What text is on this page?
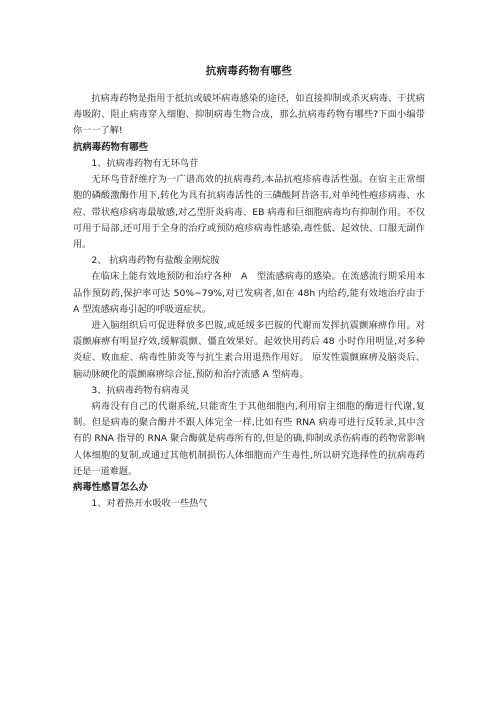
抗病毒药物有哪些

抗病毒药物是指用于抵抗或破坏病毒感染的途径，如直接抑制或杀灭病毒、干扰病毒吸附、阻止病毒穿入细胞、抑制病毒生物合成，那么抗病毒药物有哪些?下面小编带你一一了解!

抗病毒药物有哪些

1、抗病毒药物有无环鸟苷

无环鸟苷舒维疗为一广谱高效的抗病毒药,本品抗疱疹病毒活性强。在宿主正常细胞的磷酸激酶作用下,转化为具有抗病毒活性的三磷酸阿昔洛韦,对单纯性疱疹病毒、水痘、带状疱疹病毒最敏感,对乙型肝炎病毒、EB 病毒和巨细胞病毒均有抑制作用。不仅可用于局部,还可用于全身的治疗或预防疱疹病毒性感染,毒性低、起效快、口服无副作用。

2、 抗病毒药物有盐酸金刚烷胺

在临床上能有效地预防和治疗各种　A　型流感病毒的感染。在流感流行期采用本品作预防药,保护率可达 50%~79%,对已发病者,如在 48h 内给药,能有效地治疗由于 A 型流感病毒引起的呼吸道症状。

进入脑组织后可促进释放多巴胺,或延缓多巴胺的代谢而发挥抗震颤麻痹作用。对震颤麻痹有明显疗效,缓解震颤、僵直效果好。起效快用药后 48 小时作用明显,对多种炎症、败血症、病毒性肺炎等与抗生素合用退热作用好。 原发性震颤麻痹及脑炎后、脑动脉硬化的震颤麻痹综合征,预防和治疗流感 A 型病毒。

3、抗病毒药物有病毒灵

病毒没有自己的代谢系统,只能寄生于其他细胞内,利用宿主细胞的酶进行代谢,复制。但是病毒的聚合酶并不跟人体完全一样,比如有些 RNA 病毒可进行反转录,其中含有的 RNA 指导的 RNA 聚合酶就是病毒所有的,但是的确,抑制或杀伤病毒的药物常影响人体细胞的复制,或通过其他机制损伤人体细胞而产生毒性,所以研究选择性的抗病毒药还是一道难题。

病毒性感冒怎么办

1、对着热开水吸收一些热气
